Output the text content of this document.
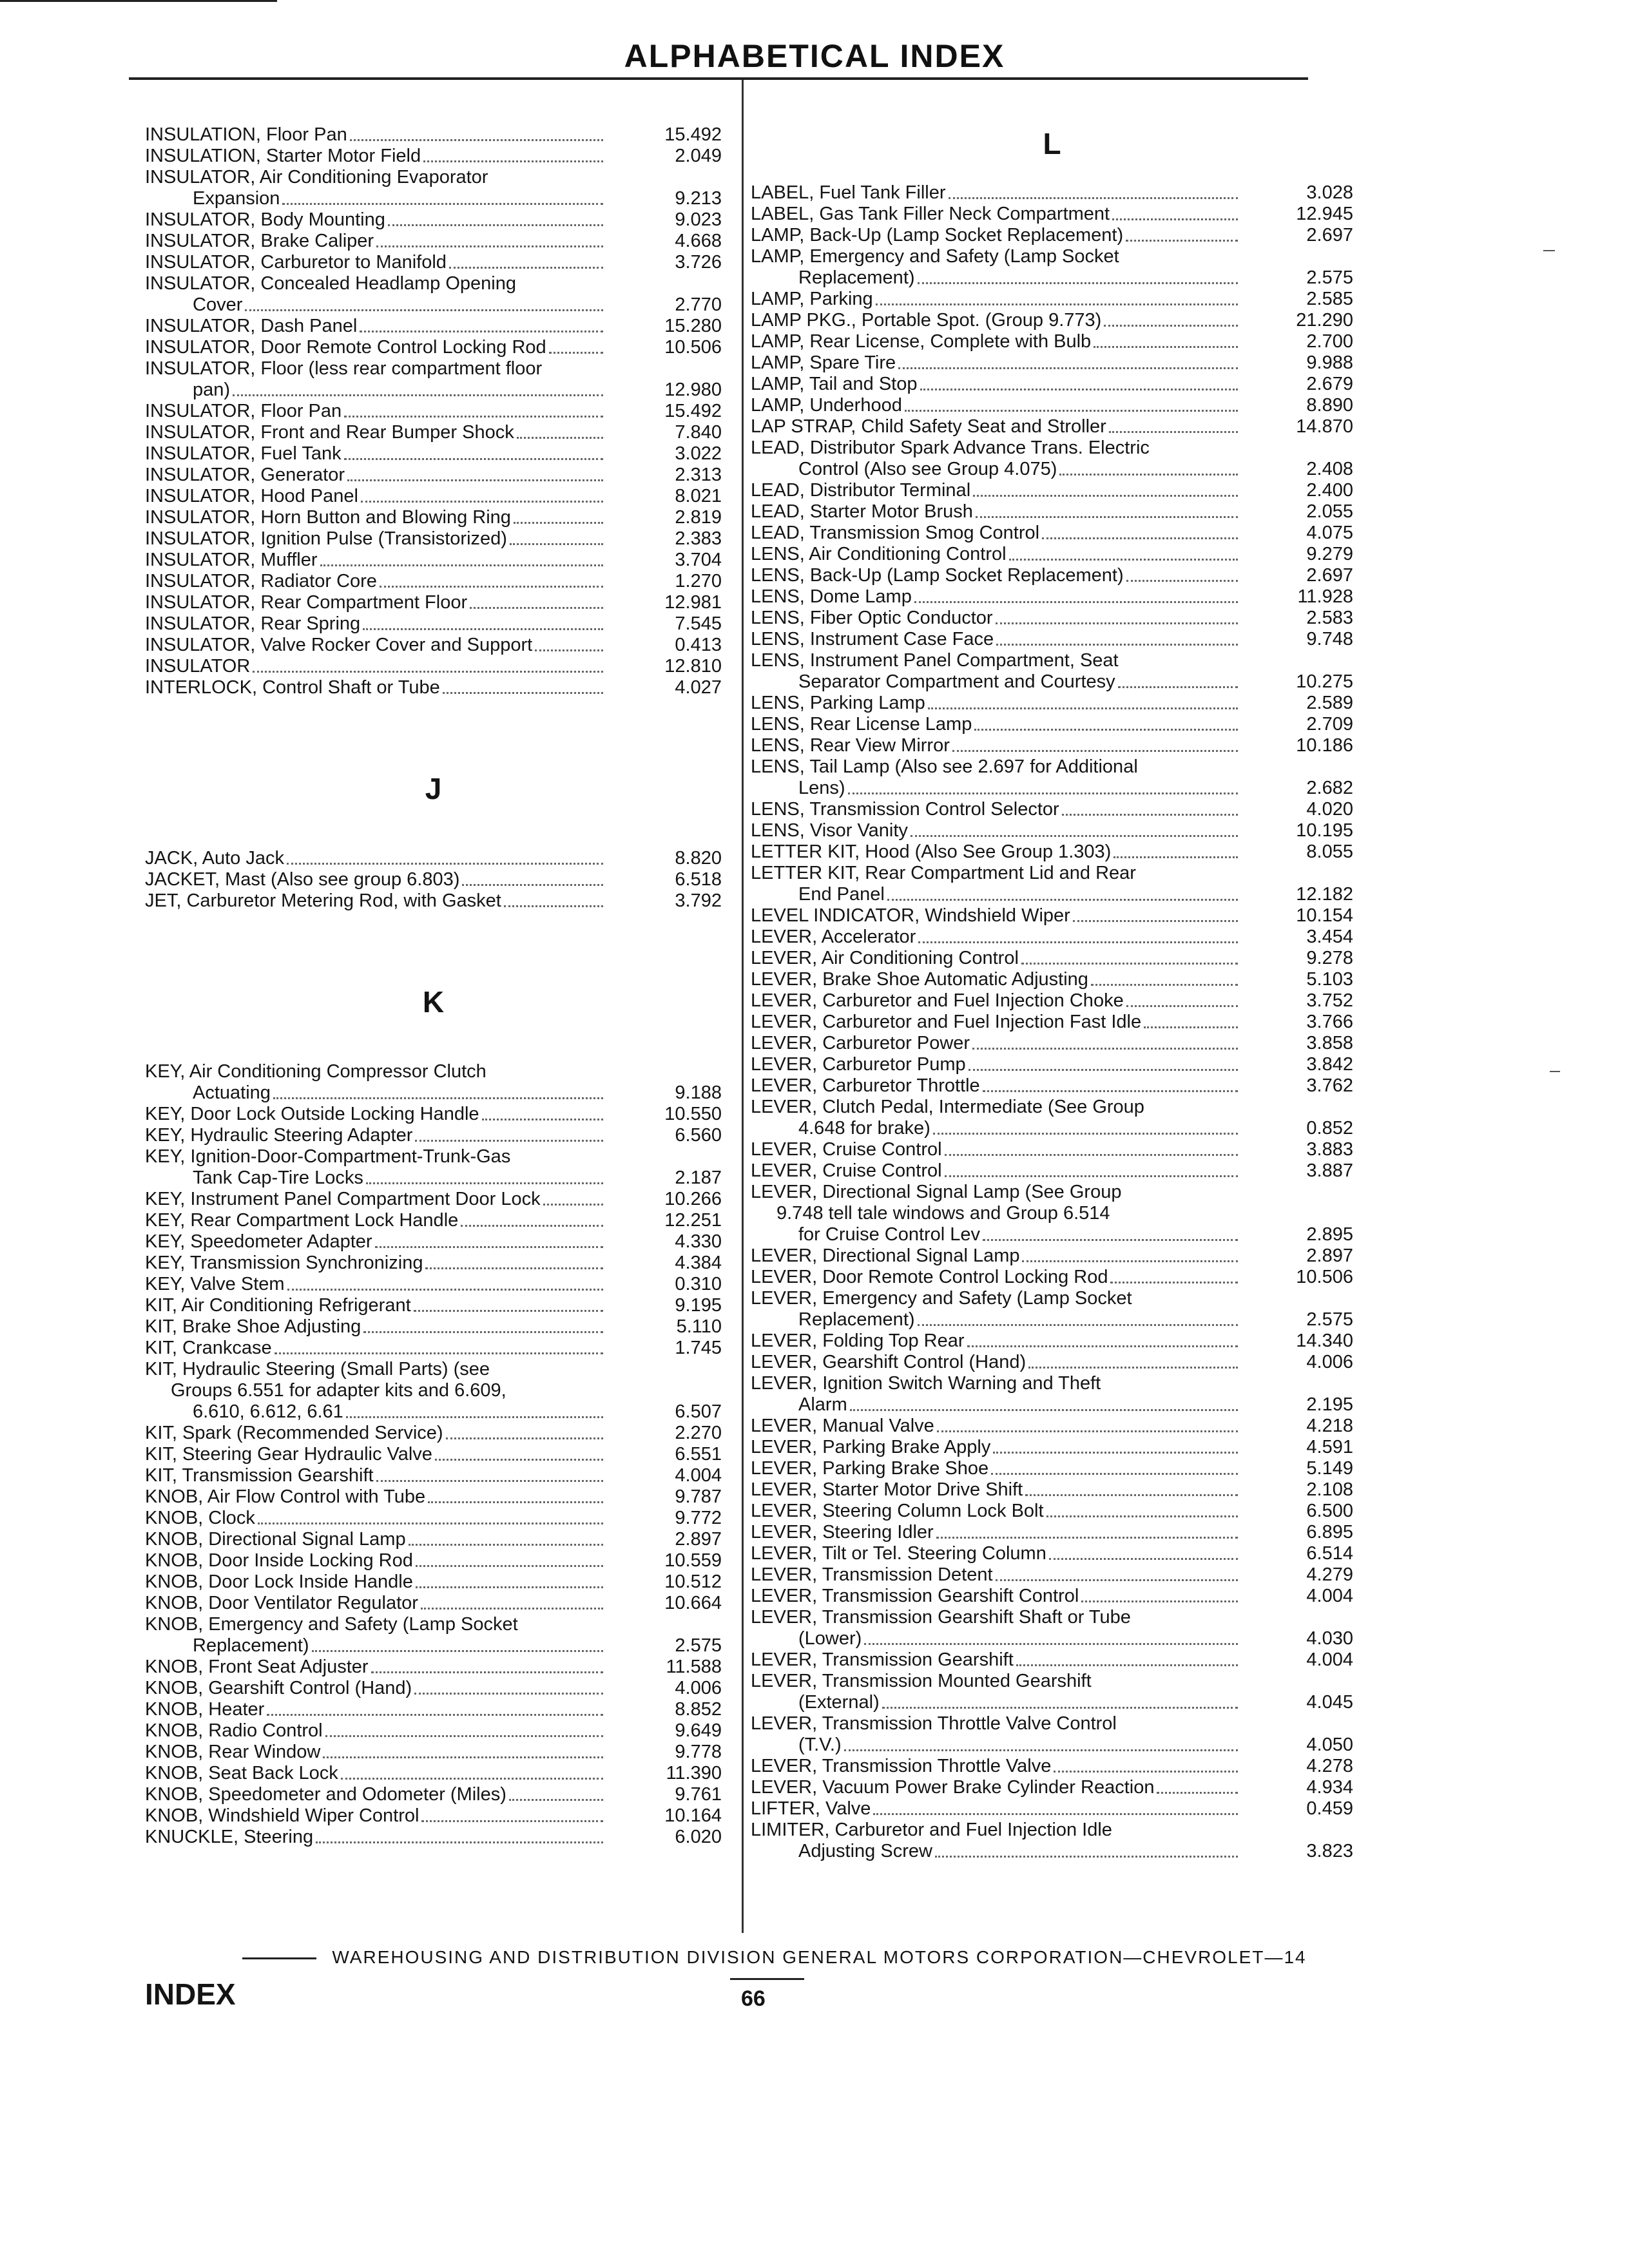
ALPHABETICAL INDEX
INSULATION, Floor Pan	15.492
INSULATION, Starter Motor Field	2.049
INSULATOR, Air Conditioning Evaporator
Expansion	9.213
INSULATOR, Body Mounting	9.023
INSULATOR, Brake Caliper	4.668
INSULATOR, Carburetor to Manifold	3.726
INSULATOR, Concealed Headlamp Opening
Cover	2.770
INSULATOR, Dash Panel	15.280
INSULATOR, Door Remote Control Locking Rod	10.506
INSULATOR, Floor (less rear compartment floor
pan)	12.980
INSULATOR, Floor Pan	15.492
INSULATOR, Front and Rear Bumper Shock	7.840
INSULATOR, Fuel Tank	3.022
INSULATOR, Generator	2.313
INSULATOR, Hood Panel	8.021
INSULATOR, Horn Button and Blowing Ring	2.819
INSULATOR, Ignition Pulse (Transistorized)	2.383
INSULATOR, Muffler	3.704
INSULATOR, Radiator Core	1.270
INSULATOR, Rear Compartment Floor	12.981
INSULATOR, Rear Spring	7.545
INSULATOR, Valve Rocker Cover and Support	0.413
INSULATOR	12.810
INTERLOCK, Control Shaft or Tube	4.027
J
JACK, Auto Jack	8.820
JACKET, Mast (Also see group 6.803)	6.518
JET, Carburetor Metering Rod, with Gasket	3.792
K
KEY, Air Conditioning Compressor Clutch
Actuating	9.188
KEY, Door Lock Outside Locking Handle	10.550
KEY, Hydraulic Steering Adapter	6.560
KEY, Ignition-Door-Compartment-Trunk-Gas
Tank Cap-Tire Locks	2.187
KEY, Instrument Panel Compartment Door Lock	10.266
KEY, Rear Compartment Lock Handle	12.251
KEY, Speedometer Adapter	4.330
KEY, Transmission Synchronizing	4.384
KEY, Valve Stem	0.310
KIT, Air Conditioning Refrigerant	9.195
KIT, Brake Shoe Adjusting	5.110
KIT, Crankcase	1.745
KIT, Hydraulic Steering (Small Parts) (see
Groups 6.551 for adapter kits and 6.609,
6.610, 6.612, 6.61	6.507
KIT, Spark (Recommended Service)	2.270
KIT, Steering Gear Hydraulic Valve	6.551
KIT, Transmission Gearshift	4.004
KNOB, Air Flow Control with Tube	9.787
KNOB, Clock	9.772
KNOB, Directional Signal Lamp	2.897
KNOB, Door Inside Locking Rod	10.559
KNOB, Door Lock Inside Handle	10.512
KNOB, Door Ventilator Regulator	10.664
KNOB, Emergency and Safety (Lamp Socket
Replacement)	2.575
KNOB, Front Seat Adjuster	11.588
KNOB, Gearshift Control (Hand)	4.006
KNOB, Heater	8.852
KNOB, Radio Control	9.649
KNOB, Rear Window	9.778
KNOB, Seat Back Lock	11.390
KNOB, Speedometer and Odometer (Miles)	9.761
KNOB, Windshield Wiper Control	10.164
KNUCKLE, Steering	6.020
L
LABEL, Fuel Tank Filler	3.028
LABEL, Gas Tank Filler Neck Compartment	12.945
LAMP, Back-Up (Lamp Socket Replacement)	2.697
LAMP, Emergency and Safety (Lamp Socket
Replacement)	2.575
LAMP, Parking	2.585
LAMP PKG., Portable Spot. (Group 9.773)	21.290
LAMP, Rear License, Complete with Bulb	2.700
LAMP, Spare Tire	9.988
LAMP, Tail and Stop	2.679
LAMP, Underhood	8.890
LAP STRAP, Child Safety Seat and Stroller	14.870
LEAD, Distributor Spark Advance Trans. Electric
Control (Also see Group 4.075)	2.408
LEAD, Distributor Terminal	2.400
LEAD, Starter Motor Brush	2.055
LEAD, Transmission Smog Control	4.075
LENS, Air Conditioning Control	9.279
LENS, Back-Up (Lamp Socket Replacement)	2.697
LENS, Dome Lamp	11.928
LENS, Fiber Optic Conductor	2.583
LENS, Instrument Case Face	9.748
LENS, Instrument Panel Compartment, Seat
Separator Compartment and Courtesy	10.275
LENS, Parking Lamp	2.589
LENS, Rear License Lamp	2.709
LENS, Rear View Mirror	10.186
LENS, Tail Lamp (Also see 2.697 for Additional
Lens)	2.682
LENS, Transmission Control Selector	4.020
LENS, Visor Vanity	10.195
LETTER KIT, Hood (Also See Group 1.303)	8.055
LETTER KIT, Rear Compartment Lid and Rear
End Panel	12.182
LEVEL INDICATOR, Windshield Wiper	10.154
LEVER, Accelerator	3.454
LEVER, Air Conditioning Control	9.278
LEVER, Brake Shoe Automatic Adjusting	5.103
LEVER, Carburetor and Fuel Injection Choke	3.752
LEVER, Carburetor and Fuel Injection Fast Idle	3.766
LEVER, Carburetor Power	3.858
LEVER, Carburetor Pump	3.842
LEVER, Carburetor Throttle	3.762
LEVER, Clutch Pedal, Intermediate (See Group
4.648 for brake)	0.852
LEVER, Cruise Control	3.883
LEVER, Cruise Control	3.887
LEVER, Directional Signal Lamp (See Group
9.748 tell tale windows and Group 6.514
for Cruise Control Lev	2.895
LEVER, Directional Signal Lamp	2.897
LEVER, Door Remote Control Locking Rod	10.506
LEVER, Emergency and Safety (Lamp Socket
Replacement)	2.575
LEVER, Folding Top Rear	14.340
LEVER, Gearshift Control (Hand)	4.006
LEVER, Ignition Switch Warning and Theft
Alarm	2.195
LEVER, Manual Valve	4.218
LEVER, Parking Brake Apply	4.591
LEVER, Parking Brake Shoe	5.149
LEVER, Starter Motor Drive Shift	2.108
LEVER, Steering Column Lock Bolt	6.500
LEVER, Steering Idler	6.895
LEVER, Tilt or Tel. Steering Column	6.514
LEVER, Transmission Detent	4.279
LEVER, Transmission Gearshift Control	4.004
LEVER, Transmission Gearshift Shaft or Tube
(Lower)	4.030
LEVER, Transmission Gearshift	4.004
LEVER, Transmission Mounted Gearshift
(External)	4.045
LEVER, Transmission Throttle Valve Control
(T.V.)	4.050
LEVER, Transmission Throttle Valve	4.278
LEVER, Vacuum Power Brake Cylinder Reaction	4.934
LIFTER, Valve	0.459
LIMITER, Carburetor and Fuel Injection Idle
Adjusting Screw	3.823
WAREHOUSING AND DISTRIBUTION DIVISION GENERAL MOTORS CORPORATION—CHEVROLET—14
INDEX	66
